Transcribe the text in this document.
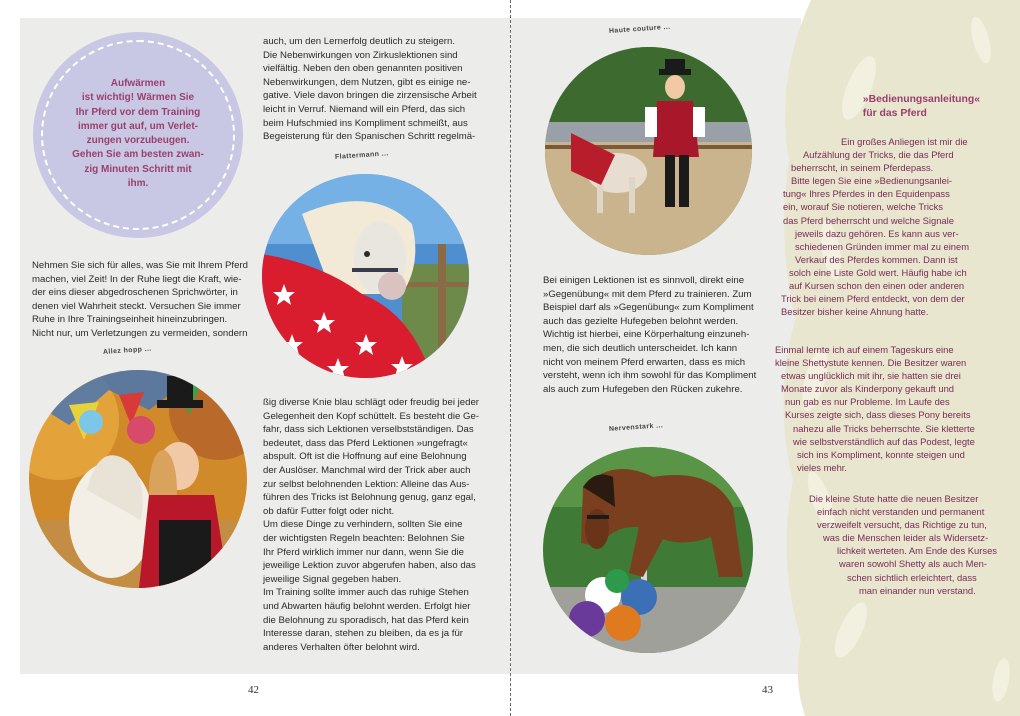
Aufwärmen
ist wichtig! Wärmen Sie
Ihr Pferd vor dem Training
immer gut auf, um Verlet-
zungen vorzubeugen.
Gehen Sie am besten zwan-
zig Minuten Schritt mit
ihm.

Nehmen Sie sich für alles, was Sie mit Ihrem Pferd

machen, viel Zeit! In der Ruhe liegt die Kraft, wie-

der eins dieser abgedroschenen Sprichwörter, in

denen viel Wahrheit steckt. Versuchen Sie immer

Ruhe in Ihre Trainingseinheit hineinzubringen.

Nicht nur, um Verletzungen zu vermeiden, sondern

Allez hopp ...

auch, um den Lernerfolg deutlich zu steigern.

Die Nebenwirkungen von Zirkuslektionen sind

vielfältig. Neben den oben genannten positiven

Nebenwirkungen, dem Nutzen, gibt es einige ne-

gative. Viele davon bringen die zirzensische Arbeit

leicht in Verruf. Niemand will ein Pferd, das sich

beim Hufschmied ins Kompliment schmeißt, aus

Begeisterung für den Spanischen Schritt regelmä-

Flattermann ...

ßig diverse Knie blau schlägt oder freudig bei jeder

Gelegenheit den Kopf schüttelt. Es besteht die Ge-

fahr, dass sich Lektionen verselbstständigen. Das

bedeutet, dass das Pferd Lektionen »ungefragt«

abspult. Oft ist die Hoffnung auf eine Belohnung

der Auslöser. Manchmal wird der Trick aber auch

zur selbst belohnenden Lektion: Alleine das Aus-

führen des Tricks ist Belohnung genug, ganz egal,

ob dafür Futter folgt oder nicht.

Um diese Dinge zu verhindern, sollten Sie eine

der wichtigsten Regeln beachten: Belohnen Sie

Ihr Pferd wirklich immer nur dann, wenn Sie die

jeweilige Lektion zuvor abgerufen haben, also das

jeweilige Signal gegeben haben.

Im Training sollte immer auch das ruhige Stehen

und Abwarten häufig belohnt werden. Erfolgt hier

die Belohnung zu sporadisch, hat das Pferd kein

Interesse daran, stehen zu bleiben, da es ja für

anderes Verhalten öfter belohnt wird.

42
Haute couture ...

Bei einigen Lektionen ist es sinnvoll, direkt eine

»Gegenübung« mit dem Pferd zu trainieren. Zum

Beispiel darf als »Gegenübung« zum Kompliment

auch das gezielte Hufegeben belohnt werden.

Wichtig ist hierbei, eine Körperhaltung einzuneh-

men, die sich deutlich unterscheidet. Ich kann

nicht von meinem Pferd erwarten, dass es mich

versteht, wenn ich ihm sowohl für das Kompliment

als auch zum Hufegeben den Rücken zukehre.

Nervenstark ...
»Bedienungsanleitung«
für das Pferd

Ein großes Anliegen ist mir die

Aufzählung der Tricks, die das Pferd

beherrscht, in seinem Pferdepass.

Bitte legen Sie eine »Bedienungsanlei-

tung« Ihres Pferdes in den Equidenpass

ein, worauf Sie notieren, welche Tricks

das Pferd beherrscht und welche Signale

jeweils dazu gehören. Es kann aus ver-

schiedenen Gründen immer mal zu einem

Verkauf des Pferdes kommen. Dann ist

solch eine Liste Gold wert. Häufig habe ich

auf Kursen schon den einen oder anderen

Trick bei einem Pferd entdeckt, von dem der

Besitzer bisher keine Ahnung hatte.

Einmal lernte ich auf einem Tageskurs eine

kleine Shettystute kennen. Die Besitzer waren

etwas unglücklich mit ihr, sie hatten sie drei

Monate zuvor als Kinderpony gekauft und

nun gab es nur Probleme. Im Laufe des

Kurses zeigte sich, dass dieses Pony bereits

nahezu alle Tricks beherrschte. Sie kletterte

wie selbstverständlich auf das Podest, legte

sich ins Kompliment, konnte steigen und

vieles mehr.

Die kleine Stute hatte die neuen Besitzer

einfach nicht verstanden und permanent

verzweifelt versucht, das Richtige zu tun,

was die Menschen leider als Widersetz-

lichkeit werteten. Am Ende des Kurses

waren sowohl Shetty als auch Men-

schen sichtlich erleichtert, dass

man einander nun verstand.

43
